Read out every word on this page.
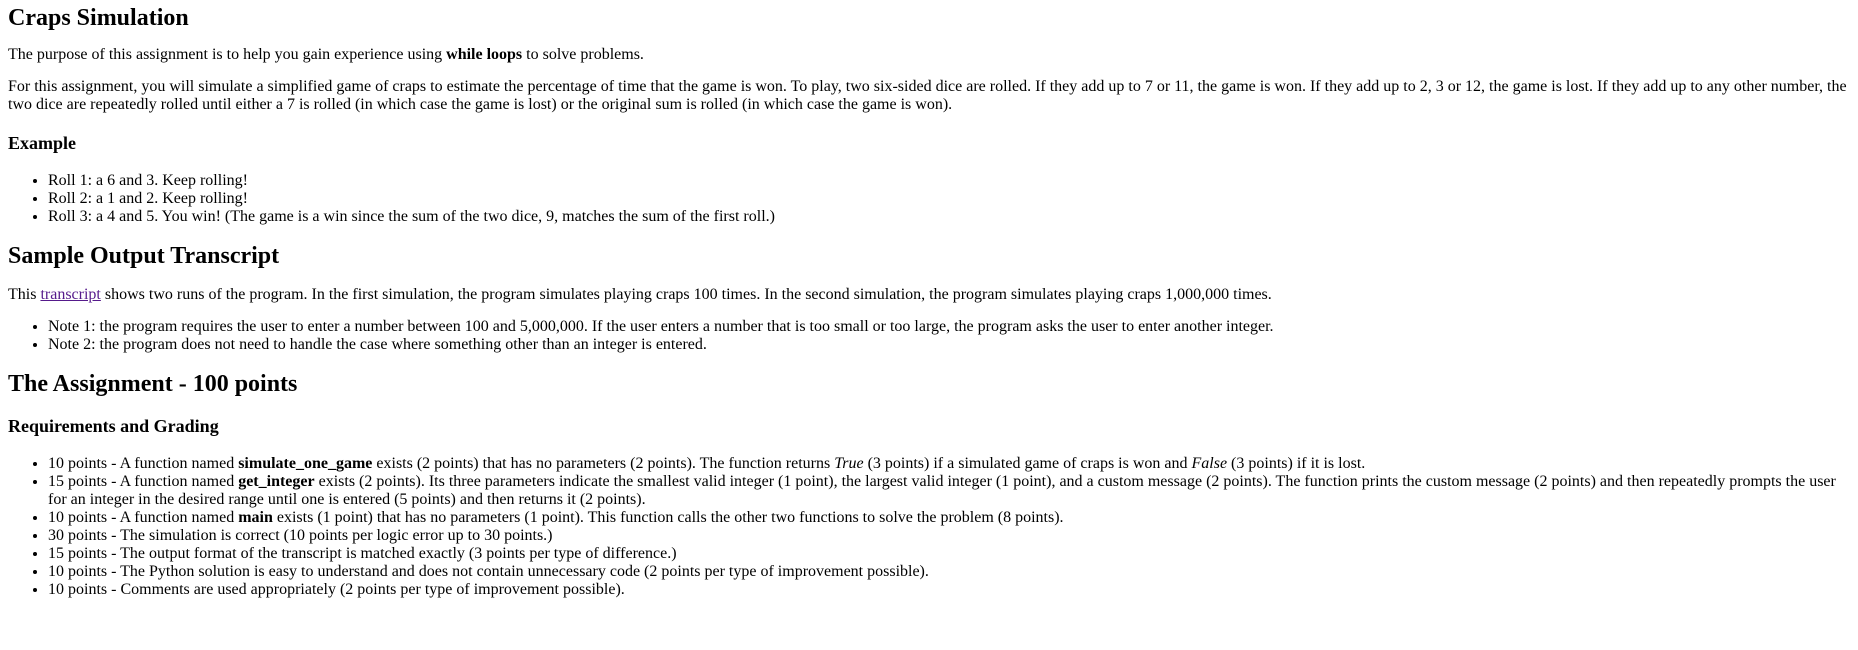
Craps Simulation

The purpose of this assignment is to help you gain experience using while loops to solve problems.

For this assignment, you will simulate a simplified game of craps to estimate the percentage of time that the game is won. To play, two six-sided dice are rolled. If they add up to 7 or 11, the game is won. If they add up to 2, 3 or 12, the game is lost. If they add up to any other number, the two dice are repeatedly rolled until either a 7 is rolled (in which case the game is lost) or the original sum is rolled (in which case the game is won).

Example
• Roll 1: a 6 and 3. Keep rolling!
• Roll 2: a 1 and 2. Keep rolling!
• Roll 3: a 4 and 5. You win! (The game is a win since the sum of the two dice, 9, matches the sum of the first roll.)
Sample Output Transcript

This transcript shows two runs of the program. In the first simulation, the program simulates playing craps 100 times. In the second simulation, the program simulates playing craps 1,000,000 times.

• Note 1: the program requires the user to enter a number between 100 and 5,000,000. If the user enters a number that is too small or too large, the program asks the user to enter another integer.
• Note 2: the program does not need to handle the case where something other than an integer is entered.
The Assignment - 100 points
Requirements and Grading
• 10 points - A function named simulate_one_game exists (2 points) that has no parameters (2 points). The function returns True (3 points) if a simulated game of craps is won and False (3 points) if it is lost.
• 15 points - A function named get_integer exists (2 points). Its three parameters indicate the smallest valid integer (1 point), the largest valid integer (1 point), and a custom message (2 points). The function prints the custom message (2 points) and then repeatedly prompts the user for an integer in the desired range until one is entered (5 points) and then returns it (2 points).
• 10 points - A function named main exists (1 point) that has no parameters (1 point). This function calls the other two functions to solve the problem (8 points).
• 30 points - The simulation is correct (10 points per logic error up to 30 points.)
• 15 points - The output format of the transcript is matched exactly (3 points per type of difference.)
• 10 points - The Python solution is easy to understand and does not contain unnecessary code (2 points per type of improvement possible).
• 10 points - Comments are used appropriately (2 points per type of improvement possible).
